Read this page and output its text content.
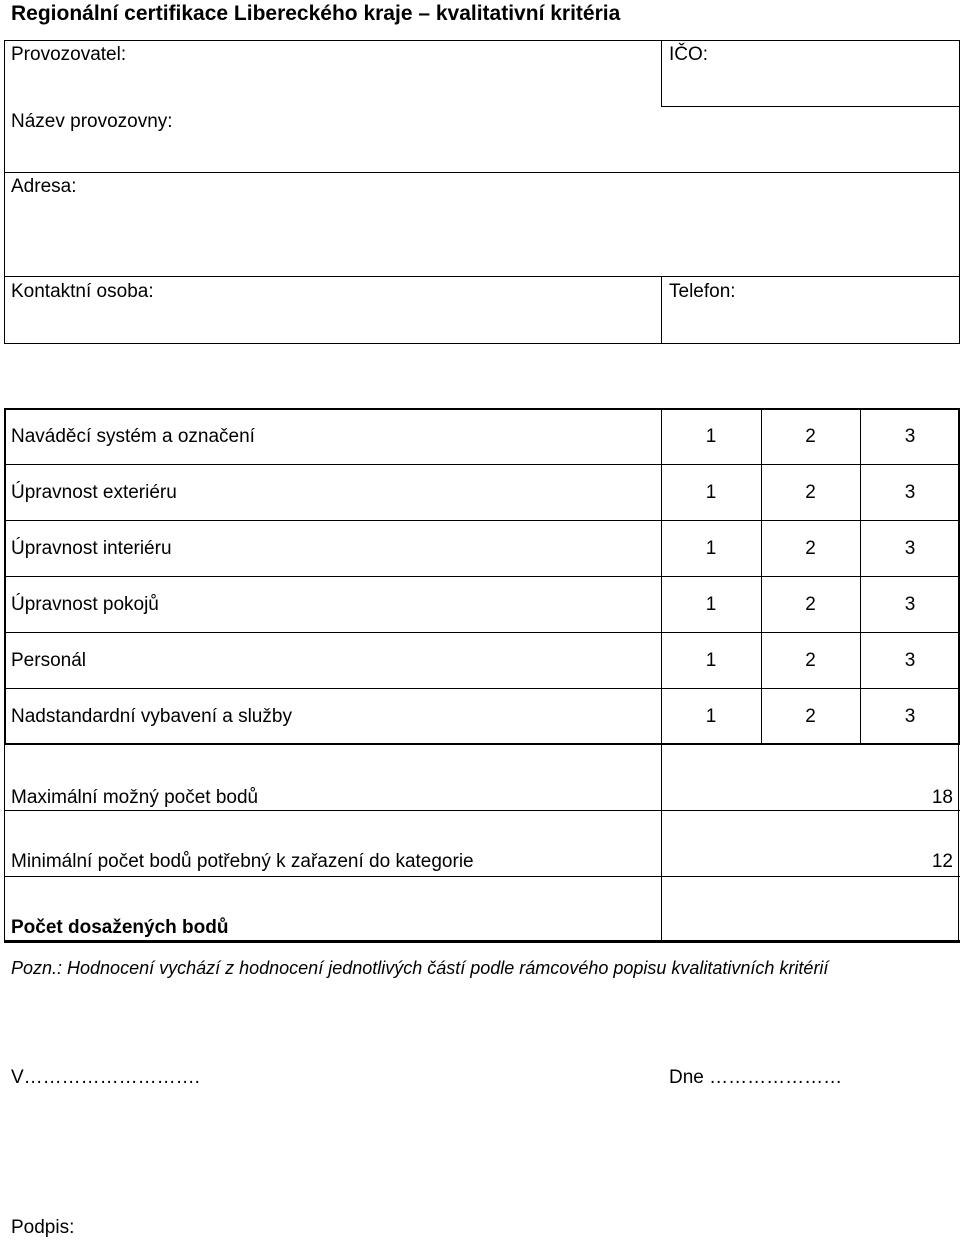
Regionální certifikace Libereckého kraje – kvalitativní kritéria
Provozovatel:	IČO:
Název provozovny:
Adresa:
Kontaktní osoba:	Telefon:
Naváděcí systém a označení	1	2	3
Úpravnost exteriéru	1	2	3
Úpravnost interiéru	1	2	3
Úpravnost pokojů	1	2	3
Personál	1	2	3
Nadstandardní vybavení a služby	1	2	3
Maximální možný počet bodů	18
Minimální počet bodů potřebný k zařazení do kategorie	12
Počet dosažených bodů
Pozn.: Hodnocení vychází z hodnocení jednotlivých částí podle rámcového popisu kvalitativních kritérií
V……………………….	Dne …………………
Podpis:
